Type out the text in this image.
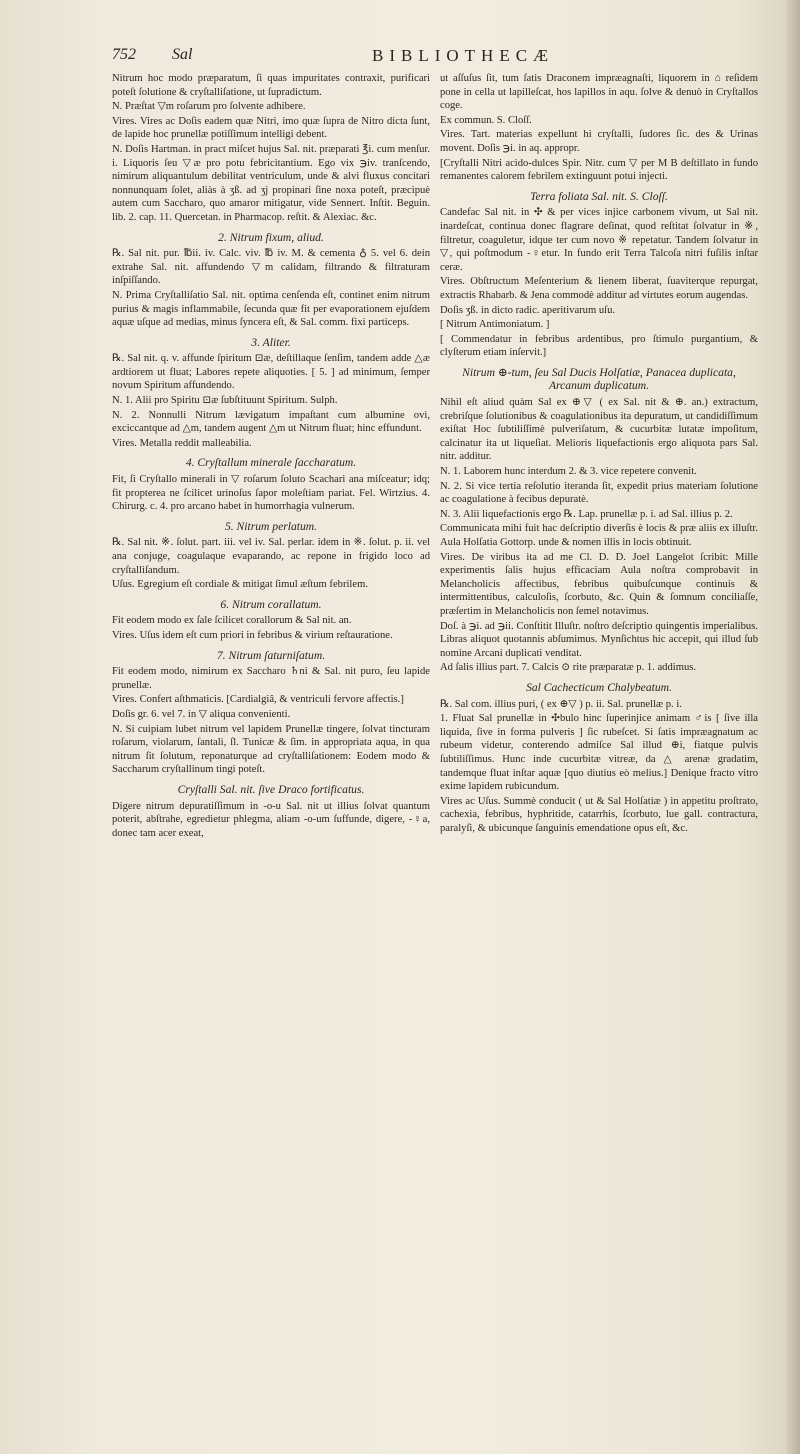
752 Sal	BIBLIOTHECÆ

Nitrum hoc modo præparatum, ſi quas impuritates contraxit, purificari poteſt ſolutione & cryſtalliſatione, ut ſupradictum.

N. Præſtat ▽m roſarum pro ſolvente adhibere.

Vires. Vires ac Doſis eadem quæ Nitri, imo quæ ſupra de Nitro dicta ſunt, de lapide hoc prunellæ potiſſimum intelligi debent.

N. Doſis Hartman. in pract miſcet hujus Sal. nit. præparati ℥i. cum menſur. i. Liquoris ſeu ▽æ pro potu febricitantium. Ego vix ℈iv. tranſcendo, nimirum aliquantulum debilitat ventriculum, unde & alvi fluxus concitari nonnunquam ſolet, aliàs à ʒß. ad ʒj propinari ſine noxa poteſt, præcipuè autem cum Saccharo, quo amaror mitigatur, vide Sennert. Inſtit. Beguin. lib. 2. cap. 11. Quercetan. in Pharmacop. reſtit. & Alexiac. &c.

2. Nitrum fixum, aliud.

℞. Sal nit. pur. ℔ii. iv. Calc. viv. ℔ iv. M. & cementa ♁ 5. vel 6. dein extrahe Sal. nit. affundendo ▽m calidam, filtrando & filtraturam inſpiſſando.

N. Prima Cryſtalliſatio Sal. nit. optima cenſenda eſt, continet enim nitrum purius & magis inflammabile, ſecunda quæ fit per evaporationem ejuſdem aquæ uſque ad medias, minus ſyncera eſt, & Sal. comm. fixi particeps.

3. Aliter.

℞. Sal nit. q. v. affunde ſpiritum ⊡æ, deſtillaque ſenſim, tandem adde △æ ardtiorem ut fluat; Labores repete aliquoties. [ 5. ] ad minimum, ſemper novum Spiritum affundendo.

N. 1. Alii pro Spiritu ⊡æ ſubſtituunt Spiritum. Sulph.

N. 2. Nonnulli Nitrum lævigatum impaſtant cum albumine ovi, exciccantque ad △m, tandem augent △m ut Nitrum fluat; hinc effundunt.

Vires. Metalla reddit malleabilia.

4. Cryſtallum minerale ſaccharatum.

Fit, ſi Cryſtallo minerali in ▽ roſarum ſoluto Scachari ana miſceatur; idq; fit propterea ne ſcilicet urinoſus ſapor moleſtiam pariat. Fel. Wirtzius. 4. Chirurg. c. 4. pro arcano habet in humorrhagia vulnerum.

5. Nitrum perlatum.

℞. Sal nit. ※. ſolut. part. iii. vel iv. Sal. perlar. idem in ※. ſolut. p. ii. vel ana conjuge, coagulaque evaparando, ac repone in frigido loco ad cryſtalliſandum.

Uſus. Egregium eſt cordiale & mitigat ſimul æſtum febrilem.

6. Nitrum corallatum.

Fit eodem modo ex ſale ſcilicet corallorum & Sal nit. an.

Vires. Uſus idem eſt cum priori in febribus & virium reſtauratione.

7. Nitrum ſaturniſatum.

Fit eodem modo, nimirum ex Saccharo ♄ni & Sal. nit puro, ſeu lapide prunellæ.

Vires. Confert aſthmaticis. [Cardialgiâ, & ventriculi fervore affectis.]

Doſis gr. 6. vel 7. in ▽ aliqua convenienti.

N. Si cuipiam lubet nitrum vel lapidem Prunellæ tingere, ſolvat tincturam roſarum, violarum, ſantali, ſl. Tunicæ & ſim. in appropriata aqua, in qua nitrum ſit ſolutum, reponaturque ad cryſtalliſationem: Eodem modo & Saccharum cryſtallinum tingi poteſt.

Cryſtalli Sal. nit. ſive Draco fortificatus.

Digere nitrum depuratiſſimum in -o-u Sal. nit ut illius ſolvat quantum poterit, abſtrahe, egredietur phlegma, aliam -o-um ſuffunde, digere, -♀a, donec tam acer exeat,

ut aſſuſus ſit, tum ſatis Draconem impræagnaſti, liquorem in ⌂ reſidem pone in cella ut lapilleſcat, hos lapillos in aqu. ſolve & denuò in Cryſtallos coge.

Ex commun. S. Cloſſ.

Vires. Tart. materias expellunt hi cryſtalli, ſudores ſic. des & Urinas movent. Doſis ℈i. in aq. appropr.

[Cryſtalli Nitri acido-dulces Spir. Nitr. cum ▽ per M B deſtillato in fundo remanentes calorem febrilem extinguunt potui injecti.

Terra foliata Sal. nit. S. Cloſſ.

Candefac Sal nit. in ✣ & per vices injice carbonem vivum, ut Sal nit. inardeſcat, continua donec flagrare deſinat, quod reſtitat ſolvatur in ※, filtretur, coaguletur, idque ter cum novo ※ repetatur. Tandem ſolvatur in ▽, qui poſtmodum -♀etur. In fundo erit Terra Talcoſa nitri fuſilis inſtar ceræ.

Vires. Obſtructum Meſenterium & lienem liberat, ſuaviterque repurgat, extractis Rhabarb. & Jena commodè additur ad virtutes eorum augendas.

Doſis ʒß. in dicto radic. aperitivarum uſu.

[ Nitrum Antimoniatum. ]

[ Commendatur in febribus ardentibus, pro ſtimulo purgantium, & clyſterum etiam inſervit.]

Nitrum ⊕-tum, ſeu Sal Ducis Holſatiæ, Panacea duplicata, Arcanum duplicatum.

Nihil eſt aliud quàm Sal ex ⊕▽ ( ex Sal. nit & ⊕. an.) extractum, crebriſque ſolutionibus & coagulationibus ita depuratum, ut candidiſſimum exiſtat Hoc ſubtiliſſimè pulveriſatum, & cucurbitæ lutatæ impoſitum, calcinatur ita ut liqueſiat. Melioris liquefactionis ergo aliquota pars Sal. nitr. additur.

N. 1. Laborem hunc interdum 2. & 3. vice repetere convenit.

N. 2. Si vice tertia reſolutio iteranda ſit, expedit prius materiam ſolutione ac coagulatione à fecibus depuratè.

N. 3. Alii liquefactionis ergo ℞. Lap. prunellæ p. i. ad Sal. illius p. 2.

Communicata mihi fuit hac deſcriptio diverſis è locis & præ aliis ex illuſtr. Aula Holſatia Gottorp. unde & nomen illis in locis obtinuit.

Vires. De viribus ita ad me Cl. D. D. Joel Langelot ſcribit: Mille experimentis ſalis hujus efficaciam Aula noſtra comprobavit in Melancholicis affectibus, febribus quibuſcunque continuis & intermittentibus, calculoſis, ſcorbuto, &c. Quin & ſomnum conciliaſſe, præſertim in Melancholicis non ſemel notavimus.

Doſ. à ℈i. ad ℈ii. Conſtitit Illuſtr. noſtro deſcriptio quingentis imperialibus. Libras aliquot quotannis abſumimus. Mynſichtus hic accepit, qui illud ſub nomine Arcani duplicati venditat.

Ad ſalis illius part. 7. Calcis ⊙ rite præparatæ p. 1. addimus.

Sal Cachecticum Chalybeatum.

℞. Sal com. illius puri, ( ex ⊕▽ ) p. ii. Sal. prunellæ p. i.

1. Fluat Sal prunellæ in ✣bulo hinc ſuperinjice animam ♂is [ ſive illa liquida, ſive in forma pulveris ] ſic rubeſcet. Si ſatis impræagnatum ac rubeum videtur, conterendo admiſce Sal illud ⊕i, fiatque pulvis ſubtiliſſimus. Hunc inde cucurbitæ vitreæ, da △ arenæ gradatim, tandemque fluat inſtar aquæ [quo diutius eò melius.] Denique fracto vitro exime lapidem rubicundum.

Vires ac Uſus. Summè conducit ( ut & Sal Holſatiæ ) in appetitu proſtrato, cachexia, febribus, hyphritide, catarrhis, ſcorbuto, lue gall. contractura, paralyſi, & ubicunque ſanguinis emendatione opus eſt, &c.
